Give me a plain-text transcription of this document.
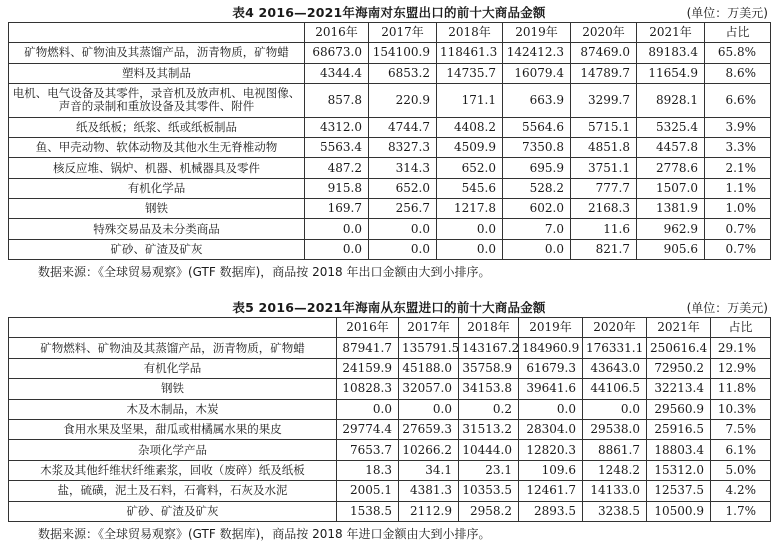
表4 2016—2021年海南对东盟出口的前十大商品金额	(单位：万美元)
	2016年	2017年	2018年	2019年	2020年	2021年	占比
矿物燃料、矿物油及其蒸馏产品，沥青物质，矿物蜡	68673.0	154100.9	118461.3	142412.3	87469.0	89183.4	65.8%
塑料及其制品	4344.4	6853.2	14735.7	16079.4	14789.7	11654.9	8.6%
电机、电气设备及其零件，录音机及放声机、电视图像、声音的录制和重放设备及其零件、附件	857.8	220.9	171.1	663.9	3299.7	8928.1	6.6%
纸及纸板；纸浆、纸或纸板制品	4312.0	4744.7	4408.2	5564.6	5715.1	5325.4	3.9%
鱼、甲壳动物、软体动物及其他水生无脊椎动物	5563.4	8327.3	4509.9	7350.8	4851.8	4457.8	3.3%
核反应堆、锅炉、机器、机械器具及零件	487.2	314.3	652.0	695.9	3751.1	2778.6	2.1%
有机化学品	915.8	652.0	545.6	528.2	777.7	1507.0	1.1%
钢铁	169.7	256.7	1217.8	602.0	2168.3	1381.9	1.0%
特殊交易品及未分类商品	0.0	0.0	0.0	7.0	11.6	962.9	0.7%
矿砂、矿渣及矿灰	0.0	0.0	0.0	0.0	821.7	905.6	0.7%
数据来源：《全球贸易观察》(GTF 数据库)，商品按 2018 年出口金额由大到小排序。
表5 2016—2021年海南从东盟进口的前十大商品金额	(单位：万美元)
	2016年	2017年	2018年	2019年	2020年	2021年	占比
矿物燃料、矿物油及其蒸馏产品，沥青物质，矿物蜡	87941.7	135791.5	143167.2	184960.9	176331.1	250616.4	29.1%
有机化学品	24159.9	45188.0	35758.9	61679.3	43643.0	72950.2	12.9%
钢铁	10828.3	32057.0	34153.8	39641.6	44106.5	32213.4	11.8%
木及木制品，木炭	0.0	0.0	0.2	0.0	0.0	29560.9	10.3%
食用水果及坚果，甜瓜或柑橘属水果的果皮	29774.4	27659.3	31513.2	28304.0	29538.0	25916.5	7.5%
杂项化学产品	7653.7	10266.2	10444.0	12820.3	8861.7	18803.4	6.1%
木浆及其他纤维状纤维素浆，回收（废碎）纸及纸板	18.3	34.1	23.1	109.6	1248.2	15312.0	5.0%
盐，硫磺，泥土及石料，石膏料，石灰及水泥	2005.1	4381.3	10353.5	12461.7	14133.0	12537.5	4.2%
矿砂、矿渣及矿灰	1538.5	2112.9	2958.2	2893.5	3238.5	10500.9	1.7%
数据来源：《全球贸易观察》(GTF 数据库)，商品按 2018 年进口金额由大到小排序。
